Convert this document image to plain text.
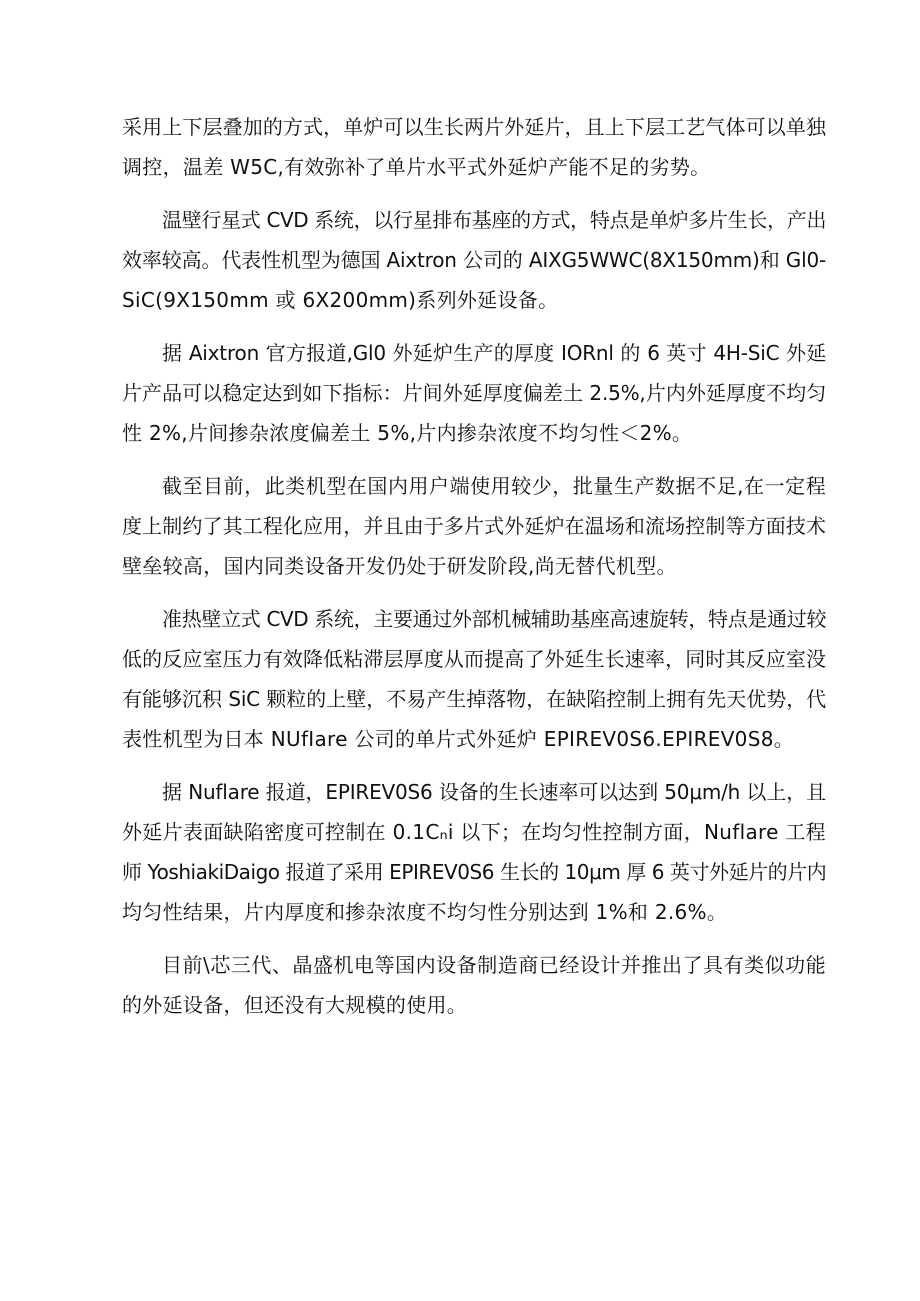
采用上下层叠加的方式，单炉可以生长两片外延片，且上下层工艺气体可以单独
调控，温差 W5C,有效弥补了单片水平式外延炉产能不足的劣势。

温壁行星式 CVD 系统，以行星排布基座的方式，特点是单炉多片生长，产出
效率较高。代表性机型为德国 Aixtron 公司的 AIXG5WWC(8X150mm)和 Gl0-
SiC(9X150mm 或 6X200mm)系列外延设备。

据 Aixtron 官方报道,Gl0 外延炉生产的厚度 IORnl 的 6 英寸 4H-SiC 外延
片产品可以稳定达到如下指标：片间外延厚度偏差土 2.5%,片内外延厚度不均匀
性 2%,片间掺杂浓度偏差土 5%,片内掺杂浓度不均匀性＜2%。

截至目前，此类机型在国内用户端使用较少，批量生产数据不足,在一定程
度上制约了其工程化应用，并且由于多片式外延炉在温场和流场控制等方面技术
壁垒较高，国内同类设备开发仍处于研发阶段,尚无替代机型。

准热壁立式 CVD 系统，主要通过外部机械辅助基座高速旋转，特点是通过较
低的反应室压力有效降低粘滞层厚度从而提高了外延生长速率，同时其反应室没
有能够沉积 SiC 颗粒的上壁，不易产生掉落物，在缺陷控制上拥有先天优势，代
表性机型为日本 NUfIare 公司的单片式外延炉 EPIREV0S6.EPIREV0S8。

据 Nuflare 报道，EPIREV0S6 设备的生长速率可以达到 50μm/h 以上，且
外延片表面缺陷密度可控制在 0.1Cₙi 以下；在均匀性控制方面，Nuflare 工程
师 YoshiakiDaigo 报道了采用 EPIREV0S6 生长的 10μm 厚 6 英寸外延片的片内
均匀性结果，片内厚度和掺杂浓度不均匀性分别达到 1%和 2.6%。

目前\芯三代、晶盛机电等国内设备制造商已经设计并推出了具有类似功能
的外延设备，但还没有大规模的使用。
